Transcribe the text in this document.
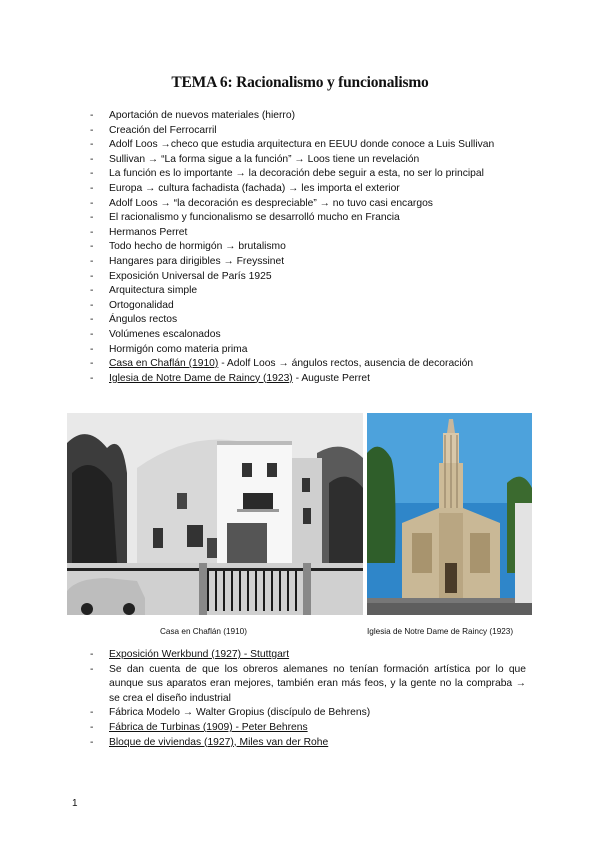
TEMA 6: Racionalismo y funcionalismo
- Aportación de nuevos materiales (hierro)
- Creación del Ferrocarril
- Adolf Loos →checo que estudia arquitectura en EEUU donde conoce a Luis Sullivan
- Sullivan → “La forma sigue a la función” → Loos tiene un revelación
- La función es lo importante → la decoración debe seguir a esta, no ser lo principal
- Europa → cultura fachadista (fachada) → les importa el exterior
- Adolf Loos → “la decoración es despreciable” → no tuvo casi encargos
- El racionalismo y funcionalismo se desarrolló mucho en Francia
- Hermanos Perret
- Todo hecho de hormigón → brutalismo
- Hangares para dirigibles → Freyssinet
- Exposición Universal de París 1925
- Arquitectura simple
- Ortogonalidad
- Ángulos rectos
- Volúmenes escalonados
- Hormigón como materia prima
- Casa en Chaflán (1910) - Adolf Loos → ángulos rectos, ausencia de decoración
- Iglesia de Notre Dame de Raincy (1923) - Auguste Perret
Casa en Chaflán (1910)	Iglesia de Notre Dame de Raincy (1923)
- Exposición Werkbund (1927) - Stuttgart
- Se dan cuenta de que los obreros alemanes no tenían formación artística por lo que aunque sus aparatos eran mejores, también eran más feos, y la gente no la compraba → se crea el diseño industrial
- Fábrica Modelo → Walter Gropius (discípulo de Behrens)
- Fábrica de Turbinas (1909) - Peter Behrens
- Bloque de viviendas (1927), Miles van der Rohe
1
